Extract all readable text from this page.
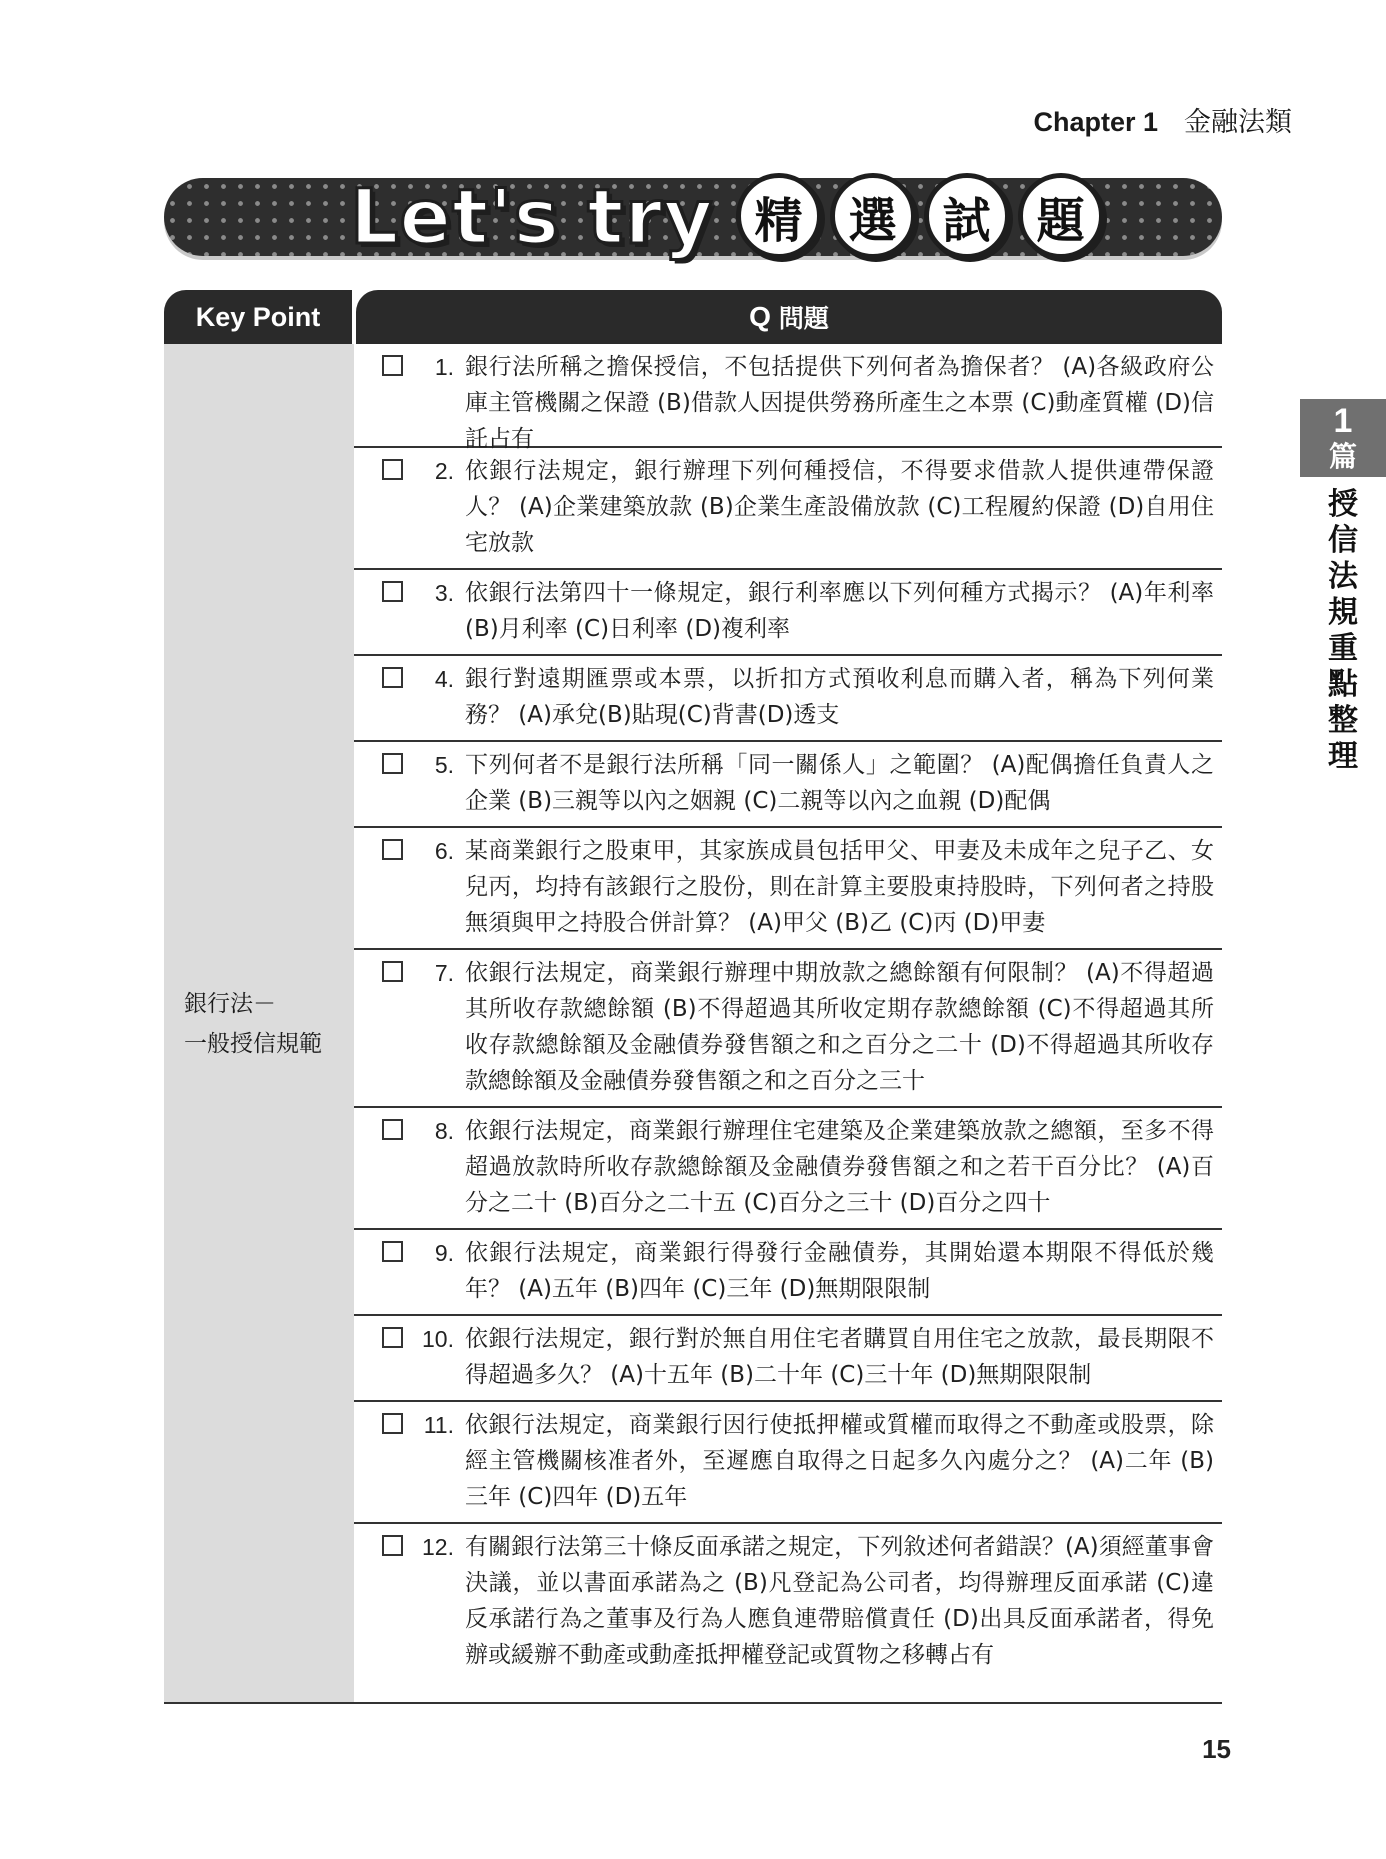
Chapter 1 金融法類
Let's try 精 選 試 題
Key Point	Q 問題
銀行法－
一般授信規範
1. 銀行法所稱之擔保授信，不包括提供下列何者為擔保者？ (A)各級政府公庫主管機關之保證 (B)借款人因提供勞務所產生之本票 (C)動產質權 (D)信託占有
2. 依銀行法規定，銀行辦理下列何種授信，不得要求借款人提供連帶保證人？ (A)企業建築放款 (B)企業生產設備放款 (C)工程履約保證 (D)自用住宅放款
3. 依銀行法第四十一條規定，銀行利率應以下列何種方式揭示？ (A)年利率 (B)月利率 (C)日利率 (D)複利率
4. 銀行對遠期匯票或本票，以折扣方式預收利息而購入者，稱為下列何業務？ (A)承兌(B)貼現(C)背書(D)透支
5. 下列何者不是銀行法所稱「同一關係人」之範圍？ (A)配偶擔任負責人之企業 (B)三親等以內之姻親 (C)二親等以內之血親 (D)配偶
6. 某商業銀行之股東甲，其家族成員包括甲父、甲妻及未成年之兒子乙、女兒丙，均持有該銀行之股份，則在計算主要股東持股時，下列何者之持股無須與甲之持股合併計算？ (A)甲父 (B)乙 (C)丙 (D)甲妻
7. 依銀行法規定，商業銀行辦理中期放款之總餘額有何限制？ (A)不得超過其所收存款總餘額 (B)不得超過其所收定期存款總餘額 (C)不得超過其所收存款總餘額及金融債券發售額之和之百分之二十 (D)不得超過其所收存款總餘額及金融債券發售額之和之百分之三十
8. 依銀行法規定，商業銀行辦理住宅建築及企業建築放款之總額，至多不得超過放款時所收存款總餘額及金融債券發售額之和之若干百分比？ (A)百分之二十 (B)百分之二十五 (C)百分之三十 (D)百分之四十
9. 依銀行法規定，商業銀行得發行金融債券，其開始還本期限不得低於幾年？ (A)五年 (B)四年 (C)三年 (D)無期限限制
10. 依銀行法規定，銀行對於無自用住宅者購買自用住宅之放款，最長期限不得超過多久？ (A)十五年 (B)二十年 (C)三十年 (D)無期限限制
11. 依銀行法規定，商業銀行因行使抵押權或質權而取得之不動產或股票，除經主管機關核准者外，至遲應自取得之日起多久內處分之？ (A)二年 (B)三年 (C)四年 (D)五年
12. 有關銀行法第三十條反面承諾之規定，下列敘述何者錯誤？(A)須經董事會決議，並以書面承諾為之 (B)凡登記為公司者，均得辦理反面承諾 (C)違反承諾行為之董事及行為人應負連帶賠償責任 (D)出具反面承諾者，得免辦或緩辦不動產或動產抵押權登記或質物之移轉占有
1
篇
授
信
法
規
重
點
整
理
15
